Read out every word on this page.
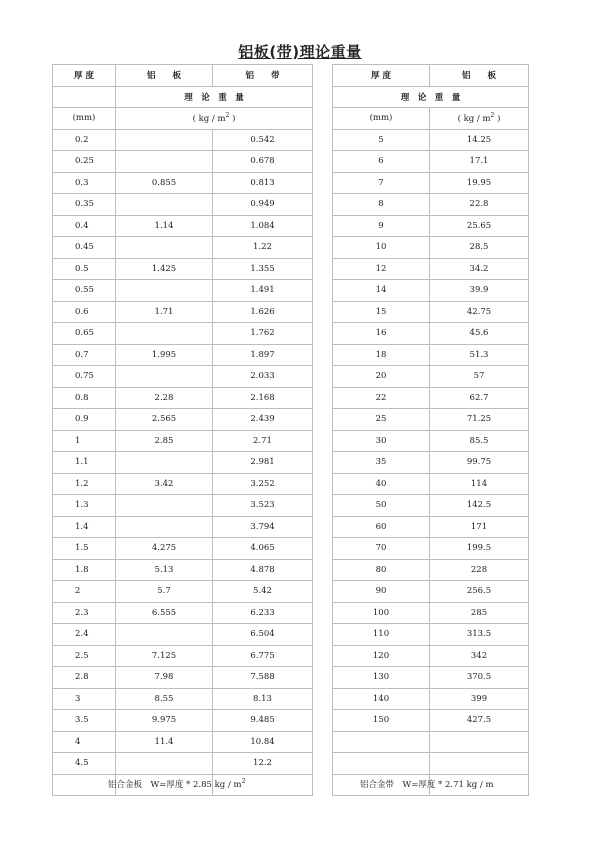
铝板(带)理论重量
厚 度	铝　　板	铝　　带
	理　论　重　量	
(mm)	( kg / $m^2$ )	
0.2		0.542
0.25		0.678
0.3	0.855	0.813
0.35		0.949
0.4	1.14	1.084
0.45		1.22
0.5	1.425	1.355
0.55		1.491
0.6	1.71	1.626
0.65		1.762
0.7	1.995	1.897
0.75		2.033
0.8	2.28	2.168
0.9	2.565	2.439
1	2.85	2.71
1.1		2.981
1.2	3.42	3.252
1.3		3.523
1.4		3.794
1.5	4.275	4.065
1.8	5.13	4.878
2	5.7	5.42
2.3	6.555	6.233
2.4		6.504
2.5	7.125	6.775
2.8	7.98	7.588
3	8.55	8.13
3.5	9.975	9.485
4	11.4	10.84
4.5		12.2

厚 度	铝　　板
理　论　重　量	
(mm)	( kg / $m^2$ )
5	14.25
6	17.1
7	19.95
8	22.8
9	25.65
10	28.5
12	34.2
14	39.9
15	42.75
16	45.6
18	51.3
20	57
22	62.7
25	71.25
30	85.5
35	99.75
40	114
50	142.5
60	171
70	199.5
80	228
90	256.5
100	285
110	313.5
120	342
130	370.5
140	399
150	427.5

铝合金板　W=厚度 * 2.85 kg / $m^2$	铝合金带　W=厚度 * 2.71 kg / m
